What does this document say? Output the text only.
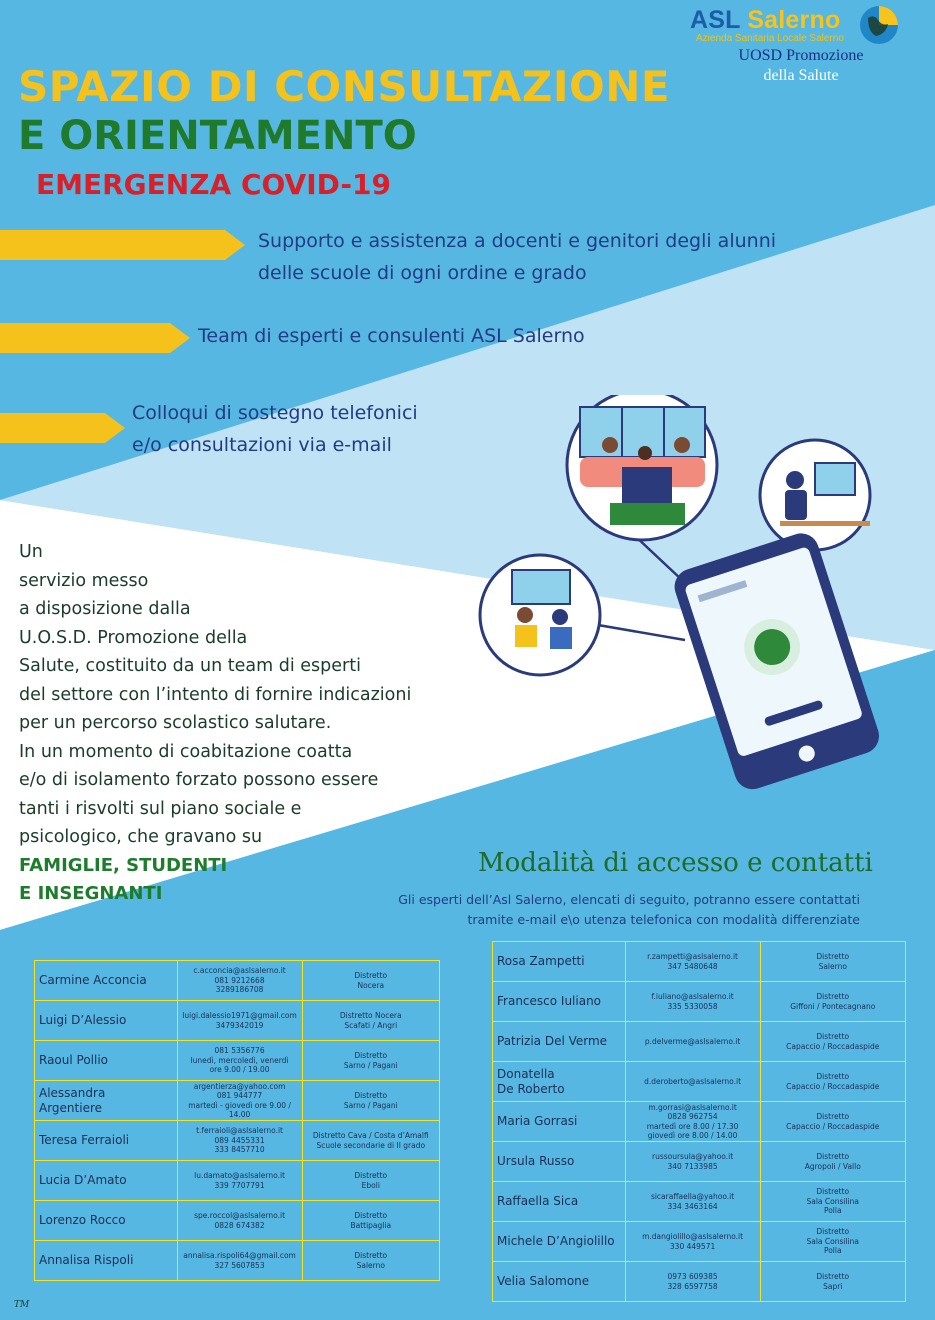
ASL Salerno
Azienda Sanitaria Locale Salerno
UOSD Promozione
della Salute
SPAZIO DI CONSULTAZIONE
E ORIENTAMENTO
EMERGENZA COVID-19
Supporto e assistenza a docenti e genitori degli alunni
delle scuole di ogni ordine e grado
Team di esperti e consulenti ASL Salerno
Colloqui di sostegno telefonici
e/o consultazioni via e-mail
Un
servizio messo
a disposizione dalla
U.O.S.D. Promozione della
Salute, costituito da un team di esperti
del settore con l’intento di fornire indicazioni
per un percorso scolastico salutare.
In un momento di coabitazione coatta
e/o di isolamento forzato possono essere
tanti i risvolti sul piano sociale e
psicologico, che gravano su
FAMIGLIE, STUDENTI
E INSEGNANTI
Modalità di accesso e contatti
Gli esperti dell’Asl Salerno, elencati di seguito, potranno essere contattati
tramite e-mail e\o utenza telefonica con modalità differenziate
Carmine Acconcia	c.acconcia@aslsalerno.it
081 9212668
3289186708	Distretto
Nocera
Luigi D’Alessio	luigi.dalessio1971@gmail.com
3479342019	Distretto Nocera
Scafati / Angri
Raoul Pollio	081 5356776
lunedì, mercoledì, venerdì
ore 9.00 / 19.00	Distretto
Sarno / Pagani
Alessandra
Argentiere	argentierza@yahoo.com
081 944777
martedì - giovedì ore 9.00 / 14.00	Distretto
Sarno / Pagani
Teresa Ferraioli	t.ferraioli@aslsalerno.it
089 4455331
333 8457710	Distretto Cava / Costa d’Amalfi
Scuole secondarie di II grado
Lucia D’Amato	lu.damato@aslsalerno.it
339 7707791	Distretto
Eboli
Lorenzo Rocco	spe.roccol@aslsalerno.it
0828 674382	Distretto
Battipaglia
Annalisa Rispoli	annalisa.rispoli64@gmail.com
327 5607853	Distretto
Salerno
Rosa Zampetti	r.zampetti@aslsalerno.it
347 5480648	Distretto
Salerno
Francesco Iuliano	f.iuliano@aslsalerno.it
335 5330058	Distretto
Giffoni / Pontecagnano
Patrizia Del Verme	p.delverme@aslsalerno.it	Distretto
Capaccio / Roccadaspide
Donatella
De Roberto	d.deroberto@aslsalerno.it	Distretto
Capaccio / Roccadaspide
Maria Gorrasi	m.gorrasi@aslsalerno.it
0828 962754
martedì ore 8.00 / 17.30
giovedì ore 8.00 / 14.00	Distretto
Capaccio / Roccadaspide
Ursula Russo	russoursula@yahoo.it
340 7133985	Distretto
Agropoli / Vallo
Raffaella Sica	sicaraffaella@yahoo.it
334 3463164	Distretto
Sala Consilina
Polla
Michele D’Angiolillo	m.dangiolillo@aslsalerno.it
330 449571	Distretto
Sala Consilina
Polla
Velia Salomone	0973 609385
328 6597758	Distretto
Sapri
TM
